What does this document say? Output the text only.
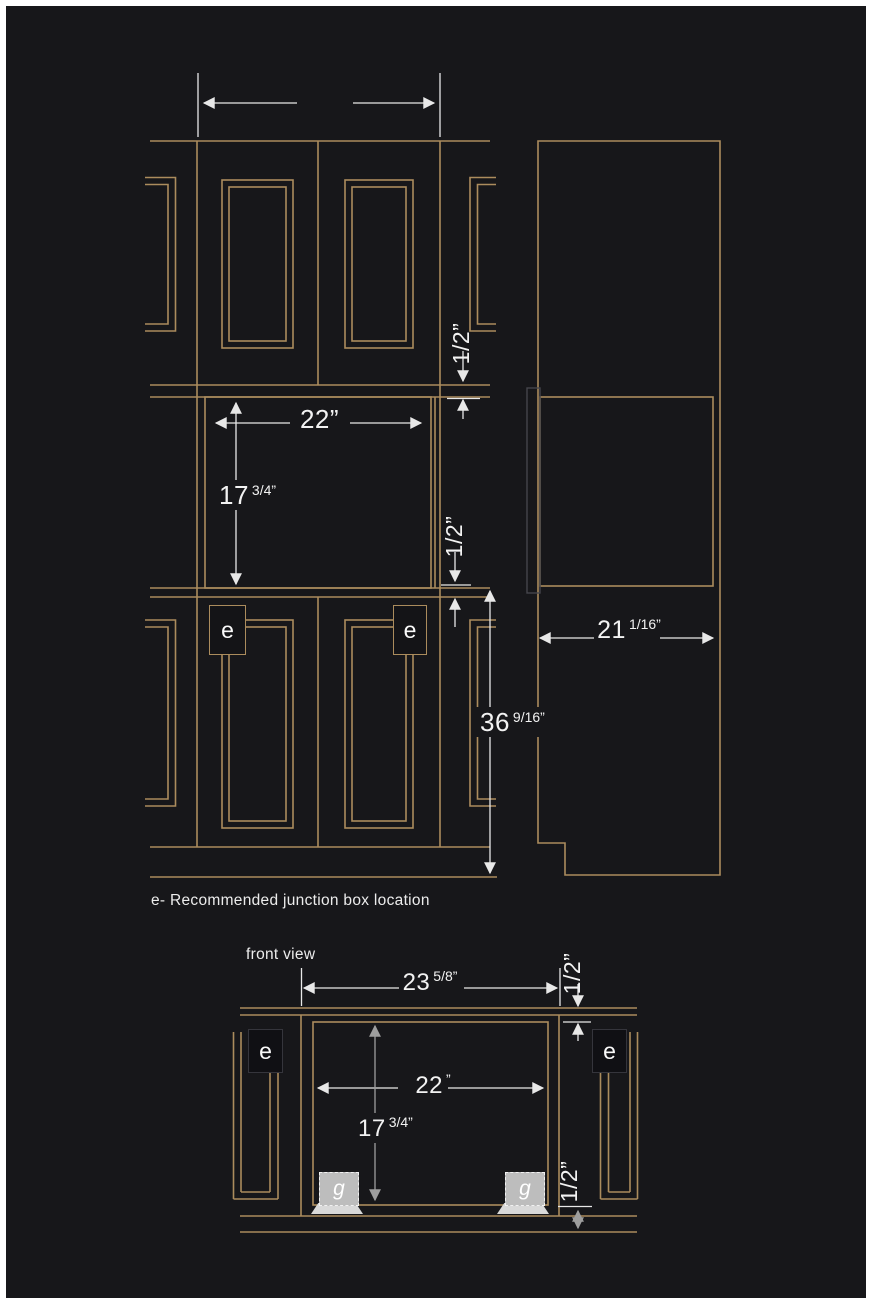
e	e
e	e
g	g
22”
17 $^{3/4”}$
1/2”
1/2”
36 $^{9/16”}$
e- Recommended junction box location
21 $^{1/16”}$
front view
23 $^{5/8”}$
22 ”
17 $^{3/4”}$
1/2”
1/2”
